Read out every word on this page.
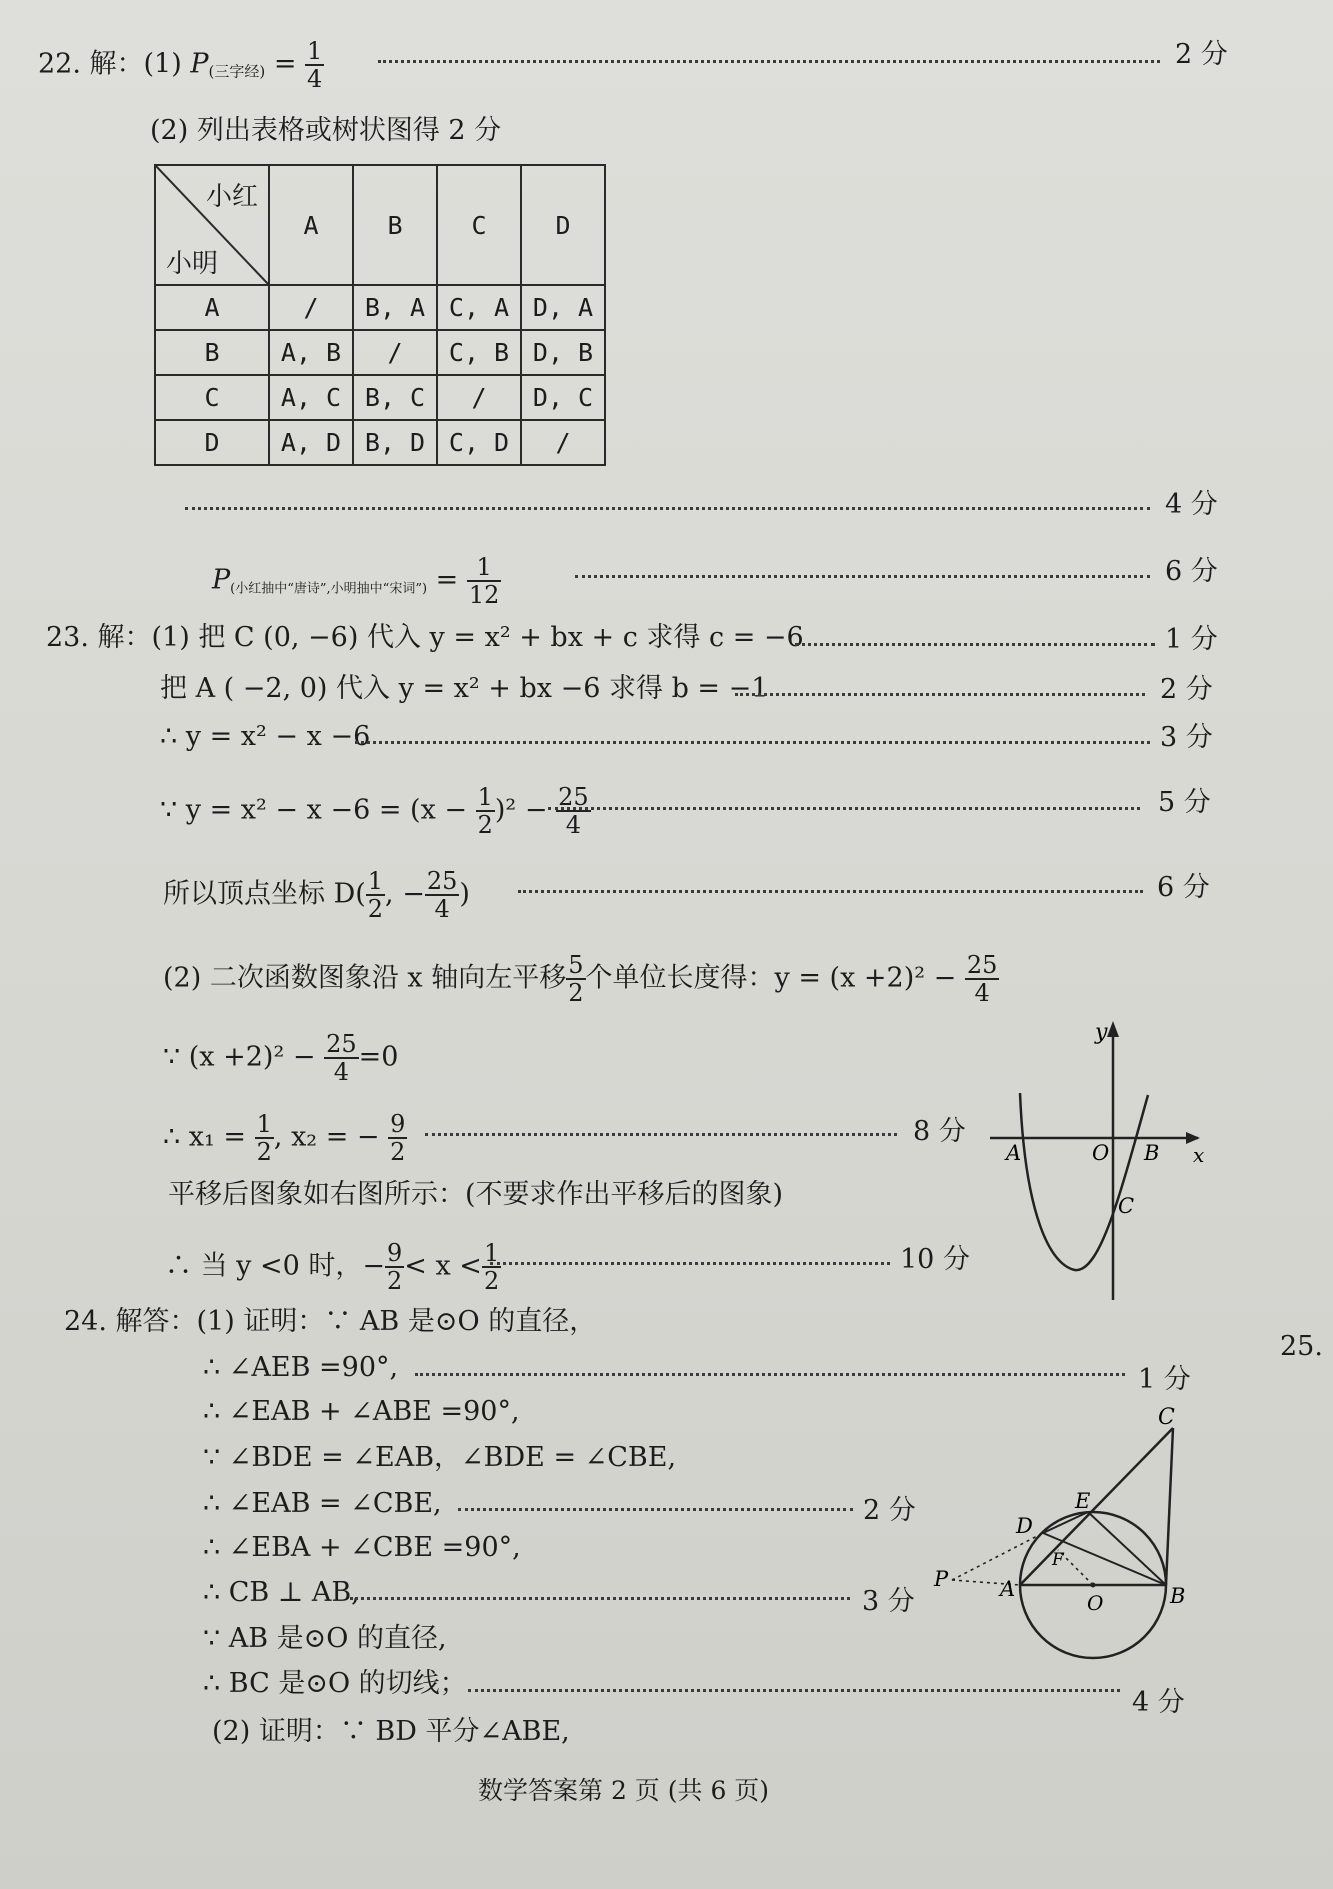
22. 解：(1) $P_{(三字经)} = \frac{1}{4}$	2 分
(2) 列出表格或树状图得 2 分
小红
小明	A	B	C	D
A	/	B, A	C, A	D, A
B	A, B	/	C, B	D, B
C	A, C	B, C	/	D, C
D	A, D	B, D	C, D	/
4 分
$P_{(小红抽中“唐诗”,小明抽中“宋词”)} = \frac{1}{12}$	6 分
23. 解：(1) 把 C (0, −6) 代入 y = x² + bx + c 求得 c = −6	1 分
把 A ( −2, 0) 代入 y = x² + bx −6 求得 b = −1	2 分
∴ y = x² − x −6	3 分
∵ $y = x^2 - x -6 = (x - \frac{1}{2} )^2 - \frac{25}{4}$	5 分
所以顶点坐标 $D( \frac{1}{2}$ , − $\frac{25}{4}$ )	6 分
(2) 二次函数图象沿 x 轴向左平移 $\frac{5}{2}$ 个单位长度得：$y = (x +2)^2 - \frac{25}{4}$
∵ $(x +2)^2 - \frac{25}{4} =0$
∴ $x_1 = \frac{1}{2}$ , x₂ = − $\frac{9}{2}$	8 分
平移后图象如右图所示：(不要求作出平移后的图象)
∴ 当 y <0 时，− $\frac{9}{2} < x < \frac{1}{2}$	10 分
y
x
A	O B
C
24. 解答：(1) 证明：∵ AB 是⊙O 的直径，
∴ ∠AEB =90°,	1 分
∴ ∠EAB + ∠ABE =90°,
∵ ∠BDE = ∠EAB，∠BDE = ∠CBE,
∴ ∠EAB = ∠CBE,	2 分
∴ ∠EBA + ∠CBE =90°,
∴ CB ⊥ AB,	3 分
∵ AB 是⊙O 的直径,
∴ BC 是⊙O 的切线；
4 分
(2) 证明：∵ BD 平分∠ABE,
C
E
D
F
P A
O	B
25.
数学答案第 2 页 (共 6 页)
